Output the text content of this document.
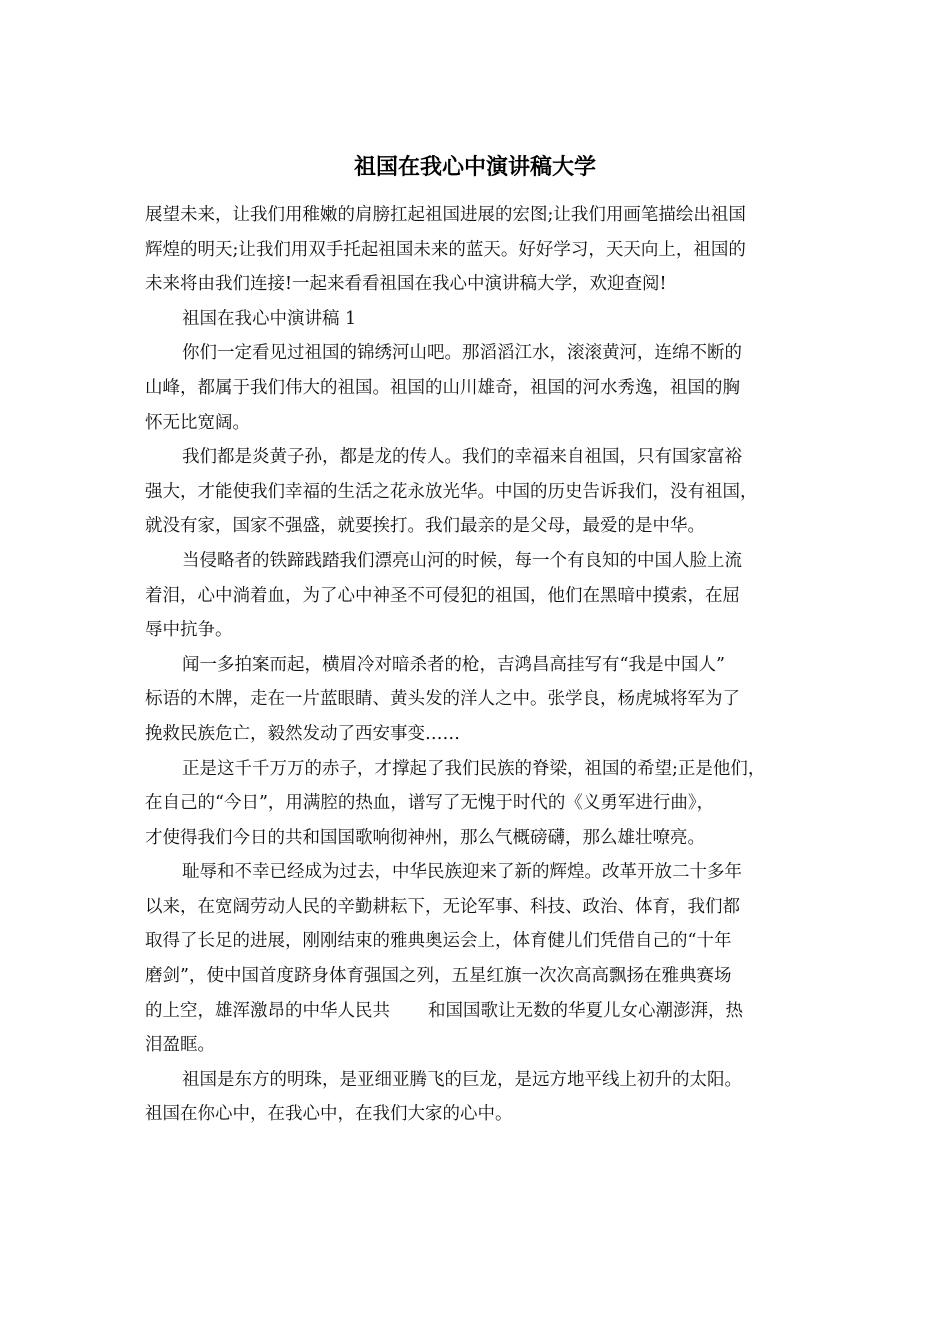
祖国在我心中演讲稿大学
展望未来，让我们用稚嫩的肩膀扛起祖国进展的宏图;让我们用画笔描绘出祖国
辉煌的明天;让我们用双手托起祖国未来的蓝天。好好学习，天天向上，祖国的
未来将由我们连接!一起来看看祖国在我心中演讲稿大学，欢迎查阅!
祖国在我心中演讲稿 1
你们一定看见过祖国的锦绣河山吧。那滔滔江水，滚滚黄河，连绵不断的
山峰，都属于我们伟大的祖国。祖国的山川雄奇，祖国的河水秀逸，祖国的胸
怀无比宽阔。
我们都是炎黄子孙，都是龙的传人。我们的幸福来自祖国，只有国家富裕
强大，才能使我们幸福的生活之花永放光华。中国的历史告诉我们，没有祖国，
就没有家，国家不强盛，就要挨打。我们最亲的是父母，最爱的是中华。
当侵略者的铁蹄践踏我们漂亮山河的时候，每一个有良知的中国人脸上流
着泪，心中淌着血，为了心中神圣不可侵犯的祖国，他们在黑暗中摸索，在屈
辱中抗争。
闻一多拍案而起，横眉冷对暗杀者的枪，吉鸿昌高挂写有“我是中国人”
标语的木牌，走在一片蓝眼睛、黄头发的洋人之中。张学良，杨虎城将军为了
挽救民族危亡，毅然发动了西安事变……
正是这千千万万的赤子，才撑起了我们民族的脊梁，祖国的希望;正是他们，
在自己的“今日”，用满腔的热血，谱写了无愧于时代的《义勇军进行曲》，
才使得我们今日的共和国国歌响彻神州，那么气概磅礴，那么雄壮嘹亮。
耻辱和不幸已经成为过去，中华民族迎来了新的辉煌。改革开放二十多年
以来，在宽阔劳动人民的辛勤耕耘下，无论军事、科技、政治、体育，我们都
取得了长足的进展，刚刚结束的雅典奥运会上，体育健儿们凭借自己的“十年
磨剑”，使中国首度跻身体育强国之列，五星红旗一次次高高飘扬在雅典赛场
的上空，雄浑激昂的中华人民共 和国国歌让无数的华夏儿女心潮澎湃，热
泪盈眶。
祖国是东方的明珠，是亚细亚腾飞的巨龙，是远方地平线上初升的太阳。
祖国在你心中，在我心中，在我们大家的心中。
